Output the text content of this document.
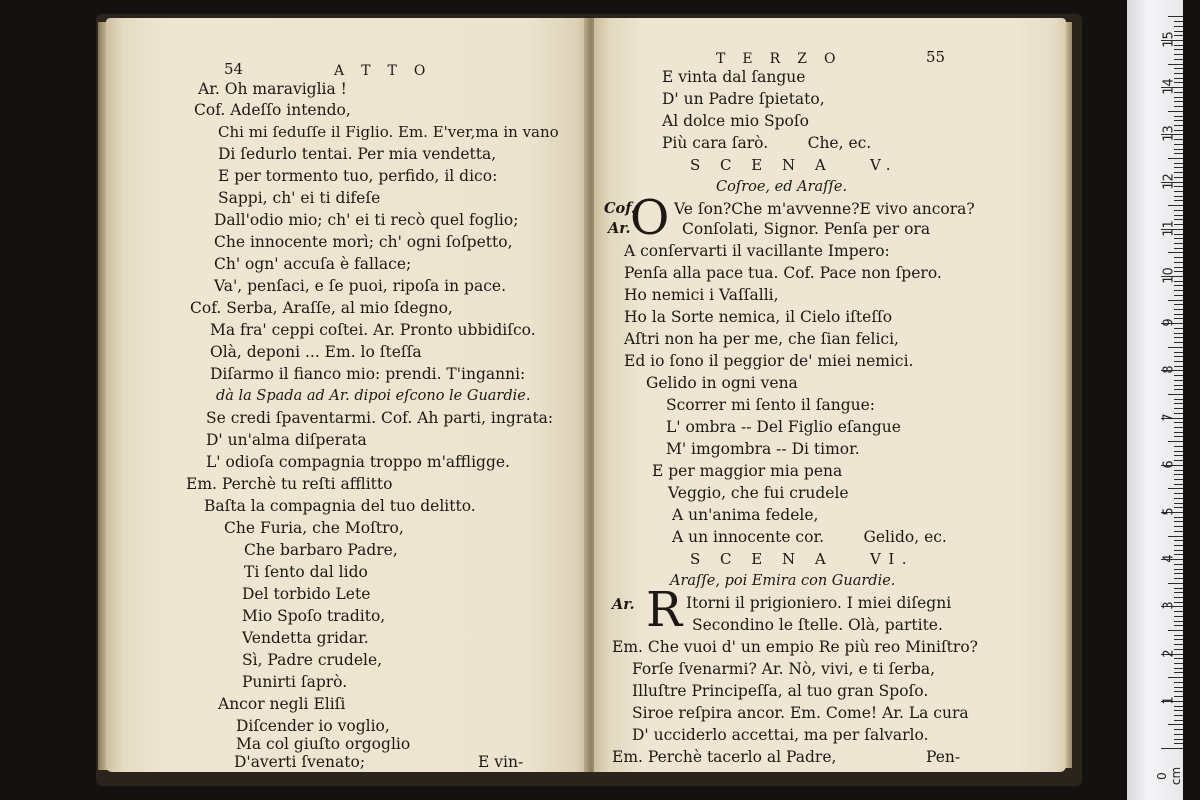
54	A T T O
Ar. Oh maraviglia !
Cof. Adeſſo intendo,
Chi mi ſeduſſe il Figlio. Em. E'ver,ma in vano
Di ſedurlo tentai. Per mia vendetta,
E per tormento tuo, perfido, il dico:
Sappi, ch' ei ti difeſe
Dall'odio mio; ch' ei ti recò quel foglio;
Che innocente morì; ch' ogni ſoſpetto,
Ch' ogn' accuſa è fallace;
Va', penſaci, e ſe puoi, ripoſa in pace.
Cof. Serba, Araſſe, al mio ſdegno,
Ma fra' ceppi coſtei. Ar. Pronto ubbidiſco.
Olà, deponi ... Em. lo ſteſſa
Diſarmo il fianco mio: prendi. T'inganni:
dà la Spada ad Ar. dipoi eſcono le Guardie.
Se credi ſpaventarmi. Cof. Ah parti, ingrata:
D' un'alma diſperata
L' odioſa compagnia troppo m'affligge.
Em. Perchè tu reſti afflitto
Baſta la compagnia del tuo delitto.
Che Furia, che Moſtro,
Che barbaro Padre,
Ti ſento dal lido
Del torbido Lete
Mio Spoſo tradito,
Vendetta gridar.
Sì, Padre crudele,
Punirti ſaprò.
Ancor negli Eliſi
Diſcender io voglio,
Ma col giuſto orgoglio
D'averti ſvenato;	E vin-
T E R Z O	55
E vinta dal ſangue
D' un Padre ſpietato,
Al dolce mio Spoſo
Più cara ſarò.        Che, ec.
S C E N A   V.
Coſroe, ed Araſſe.
Cof.
Ar. O Ve ſon?Che m'avvenne?E vivo ancora?
Conſolati, Signor. Penſa per ora
A conſervarti il vacillante Impero:
Penſa alla pace tua. Cof. Pace non ſpero.
Ho nemici i Vaſſalli,
Ho la Sorte nemica, il Cielo iſteſſo
Aſtri non ha per me, che ſian felici,
Ed io ſono il peggior de' miei nemici.
Gelido in ogni vena
Scorrer mi ſento il ſangue:
L' ombra -- Del Figlio eſangue
M' imgombra -- Di timor.
E per maggior mia pena
Veggio, che fui crudele
A un'anima fedele,
A un innocente cor.        Gelido, ec.
S C E N A   VI.
Araſſe, poi Emira con Guardie.
Ar. R Itorni il prigioniero. I miei diſegni
Secondino le ſtelle. Olà, partite.
Em. Che vuoi d' un empio Re più reo Miniſtro?
Forſe ſvenarmi? Ar. Nò, vivi, e ti ſerba,
Illuſtre Principeſſa, al tuo gran Spoſo.
Siroe reſpira ancor. Em. Come! Ar. La cura
D' ucciderlo accettai, ma per ſalvarlo.
Em. Perchè tacerlo al Padre,	Pen-
0 cm
15
14
13
12
11
10
9
8
7
6
5
4
3
2
1
